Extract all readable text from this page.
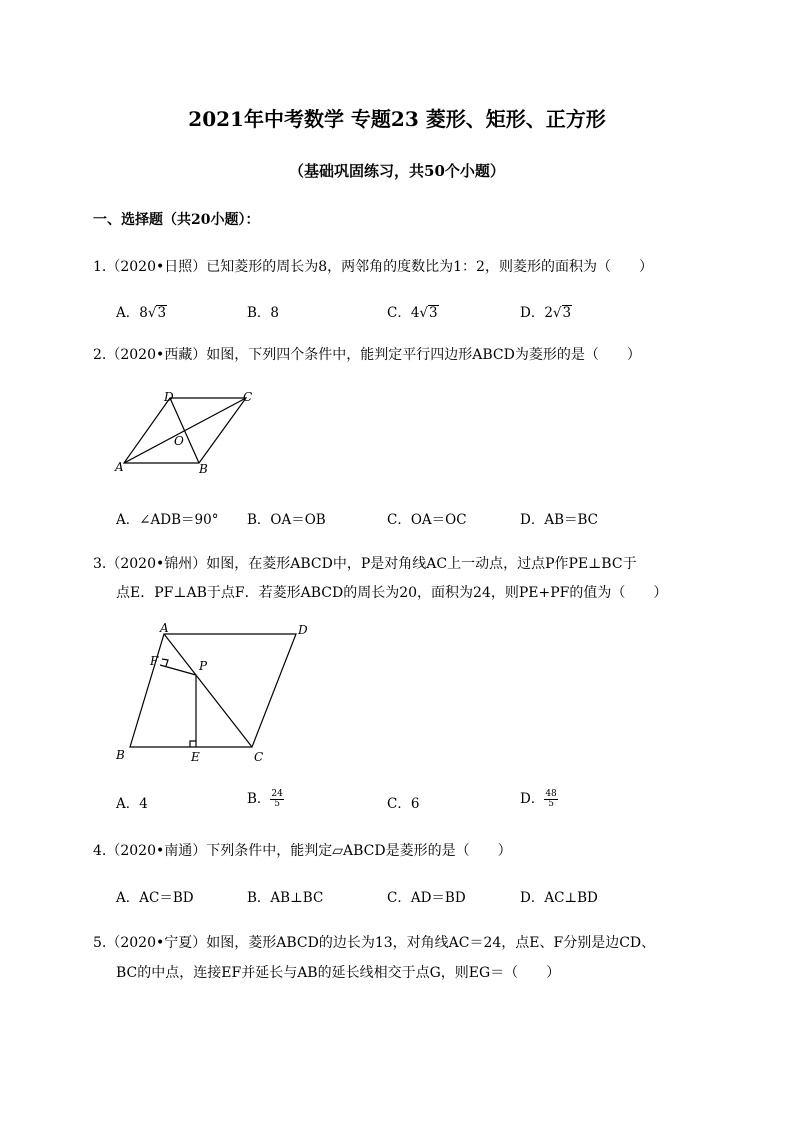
2021年中考数学 专题23 菱形、矩形、正方形
（基础巩固练习，共50个小题）
一、选择题（共20小题）：
1.（2020•日照）已知菱形的周长为8，两邻角的度数比为1：2，则菱形的面积为（　　）
A．8√3	B．8	C．4√3	D．2√3
2.（2020•西藏）如图，下列四个条件中，能判定平行四边形ABCD为菱形的是（　　）
A	B
C
D
O
A．∠ADB＝90° B．OA＝OB	C．OA＝OC	D．AB＝BC
3.（2020•锦州）如图，在菱形ABCD中，P是对角线AC上一动点，过点P作PE⊥BC于
点E．PF⊥AB于点F．若菱形ABCD的周长为20，面积为24，则PE+PF的值为（　　）
A	D
B	C
E
F	P
A．4	B． $\frac{24}{5}$	C．6	D． $\frac{48}{5}$
4.（2020•南通）下列条件中，能判定▱ABCD是菱形的是（　　）
A．AC＝BD	B．AB⊥BC	C．AD＝BD	D．AC⊥BD
5.（2020•宁夏）如图，菱形ABCD的边长为13，对角线AC＝24，点E、F分别是边CD、
BC的中点，连接EF并延长与AB的延长线相交于点G，则EG＝（　　）
